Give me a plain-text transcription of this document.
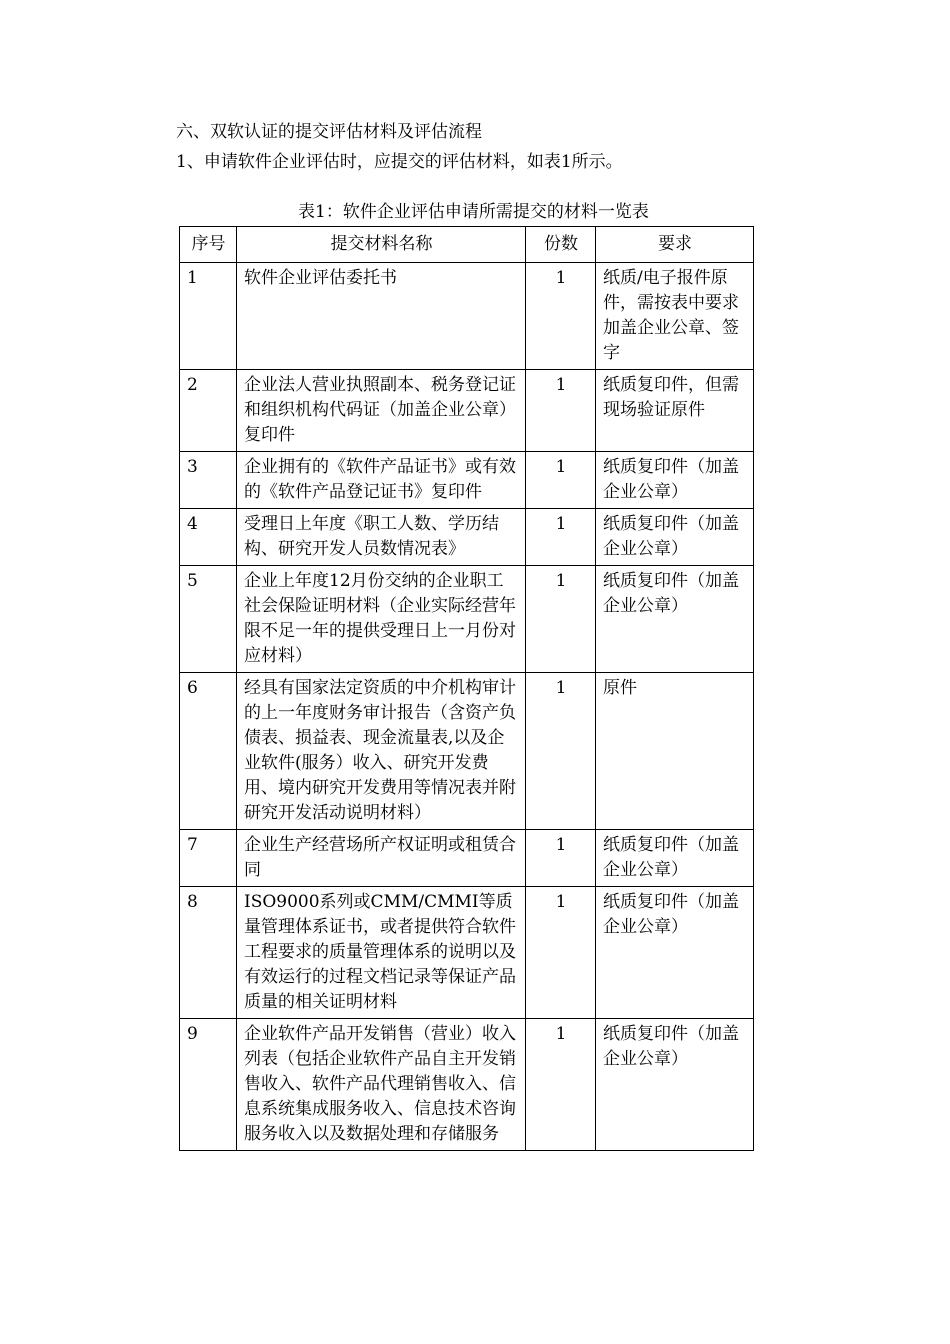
六、双软认证的提交评估材料及评估流程
1、申请软件企业评估时，应提交的评估材料，如表1所示。
表1：软件企业评估申请所需提交的材料一览表
序号	提交材料名称	份数	要求
1	软件企业评估委托书	1	纸质/电子报件原件，需按表中要求加盖企业公章、签字
2	企业法人营业执照副本、税务登记证和组织机构代码证（加盖企业公章）复印件	1	纸质复印件，但需现场验证原件
3	企业拥有的《软件产品证书》或有效的《软件产品登记证书》复印件	1	纸质复印件（加盖企业公章）
4	受理日上年度《职工人数、学历结构、研究开发人员数情况表》	1	纸质复印件（加盖企业公章）
5	企业上年度12月份交纳的企业职工社会保险证明材料（企业实际经营年限不足一年的提供受理日上一月份对应材料）	1	纸质复印件（加盖企业公章）
6	经具有国家法定资质的中介机构审计的上一年度财务审计报告（含资产负债表、损益表、现金流量表,以及企业软件(服务）收入、研究开发费用、境内研究开发费用等情况表并附研究开发活动说明材料）	1	原件
7	企业生产经营场所产权证明或租赁合同	1	纸质复印件（加盖企业公章）
8	ISO9000系列或CMM/CMMI等质量管理体系证书，或者提供符合软件工程要求的质量管理体系的说明以及有效运行的过程文档记录等保证产品质量的相关证明材料	1	纸质复印件（加盖企业公章）
9	企业软件产品开发销售（营业）收入列表（包括企业软件产品自主开发销售收入、软件产品代理销售收入、信息系统集成服务收入、信息技术咨询服务收入以及数据处理和存储服务	1	纸质复印件（加盖企业公章）
